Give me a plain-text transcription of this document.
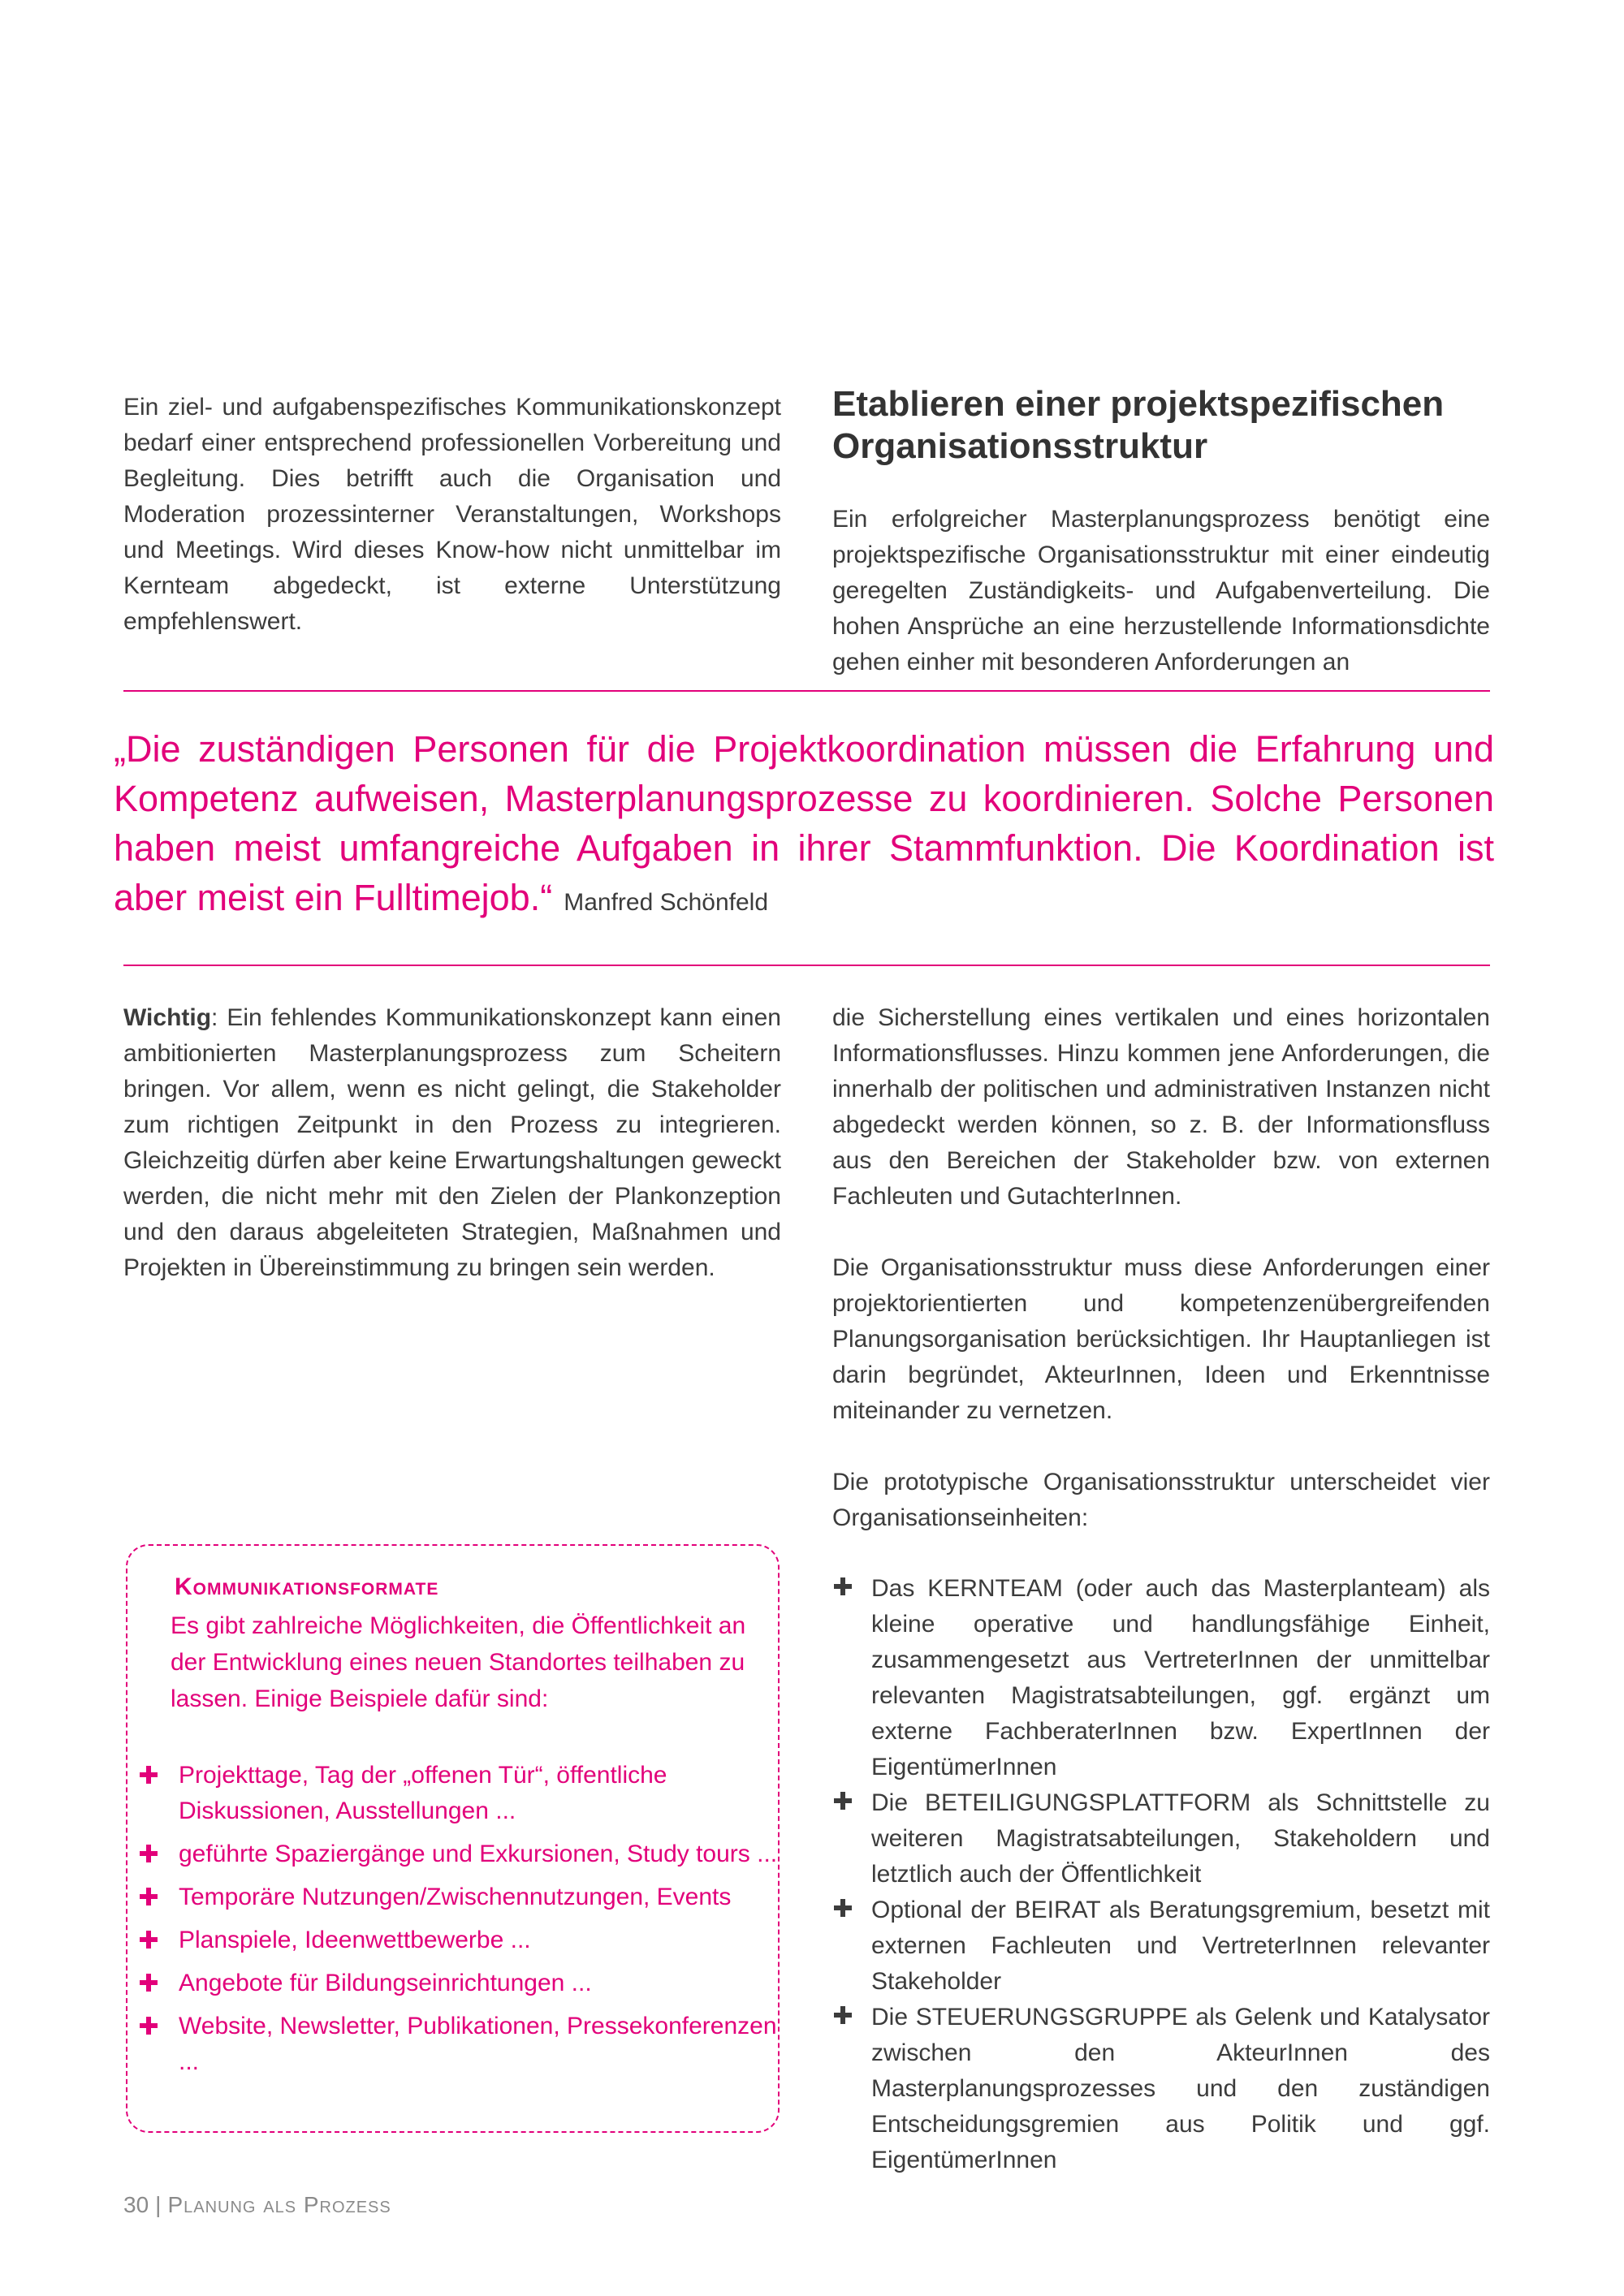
Ein ziel- und aufgabenspezifisches Kommunikationskonzept bedarf einer entsprechend professionellen Vorbereitung und Begleitung. Dies betrifft auch die Organisation und Moderation prozessinterner Veranstaltungen, Workshops und Meetings. Wird dieses Know-how nicht unmittelbar im Kernteam abgedeckt, ist externe Unterstützung empfehlenswert.

Etablieren einer projektspezifischen Organisationsstruktur

Ein erfolgreicher Masterplanungsprozess benötigt eine projektspezifische Organisationsstruktur mit einer eindeutig geregelten Zuständigkeits- und Aufgabenverteilung. Die hohen Ansprüche an eine herzustellende Informationsdichte gehen einher mit besonderen Anforderungen an

„Die zuständigen Personen für die Projektkoordination müssen die Erfahrung und Kompetenz aufweisen, Masterplanungsprozesse zu koordinieren. Solche Personen haben meist umfangreiche Aufgaben in ihrer Stammfunktion. Die Koordination ist aber meist ein Fulltimejob.“ Manfred Schönfeld

Wichtig: Ein fehlendes Kommunikationskonzept kann einen ambitionierten Masterplanungsprozess zum Scheitern bringen. Vor allem, wenn es nicht gelingt, die Stakeholder zum richtigen Zeitpunkt in den Prozess zu integrieren. Gleichzeitig dürfen aber keine Erwartungshaltungen geweckt werden, die nicht mehr mit den Zielen der Plankonzeption und den daraus abgeleiteten Strategien, Maßnahmen und Projekten in Übereinstimmung zu bringen sein werden.

die Sicherstellung eines vertikalen und eines horizontalen Informationsflusses. Hinzu kommen jene Anforderungen, die innerhalb der politischen und administrativen Instanzen nicht abgedeckt werden können, so z. B. der Informationsfluss aus den Bereichen der Stakeholder bzw. von externen Fachleuten und GutachterInnen.

Die Organisationsstruktur muss diese Anforderungen einer projektorientierten und kompetenzenübergreifenden Planungsorganisation berücksichtigen. Ihr Hauptanliegen ist darin begründet, AkteurInnen, Ideen und Erkenntnisse miteinander zu vernetzen.

Die prototypische Organisationsstruktur unterscheidet vier Organisationseinheiten:

Das KERNTEAM (oder auch das Masterplanteam) als kleine operative und handlungsfähige Einheit, zusammengesetzt aus VertreterInnen der unmittelbar relevanten Magistratsabteilungen, ggf. ergänzt um externe FachberaterInnen bzw. ExpertInnen der EigentümerInnen
Die BETEILIGUNGSPLATTFORM als Schnittstelle zu weiteren Magistratsabteilungen, Stakeholdern und letztlich auch der Öffentlichkeit
Optional der BEIRAT als Beratungsgremium, besetzt mit externen Fachleuten und VertreterInnen relevanter Stakeholder
Die STEUERUNGSGRUPPE als Gelenk und Katalysator zwischen den AkteurInnen des Masterplanungsprozesses und den zuständigen Entscheidungsgremien aus Politik und ggf. EigentümerInnen

Kommunikationsformate

Es gibt zahlreiche Möglichkeiten, die Öffentlichkeit an der Entwicklung eines neuen Standortes teilhaben zu lassen. Einige Beispiele dafür sind:

Projekttage, Tag der „offenen Tür“, öffentliche Diskussionen, Ausstellungen ...
geführte Spaziergänge und Exkursionen, Study tours ...
Temporäre Nutzungen/Zwischennutzungen, Events
Planspiele, Ideenwettbewerbe ...
Angebote für Bildungseinrichtungen ...
Website, Newsletter, Publikationen, Pressekonferenzen ...

30 | Planung als Prozess
